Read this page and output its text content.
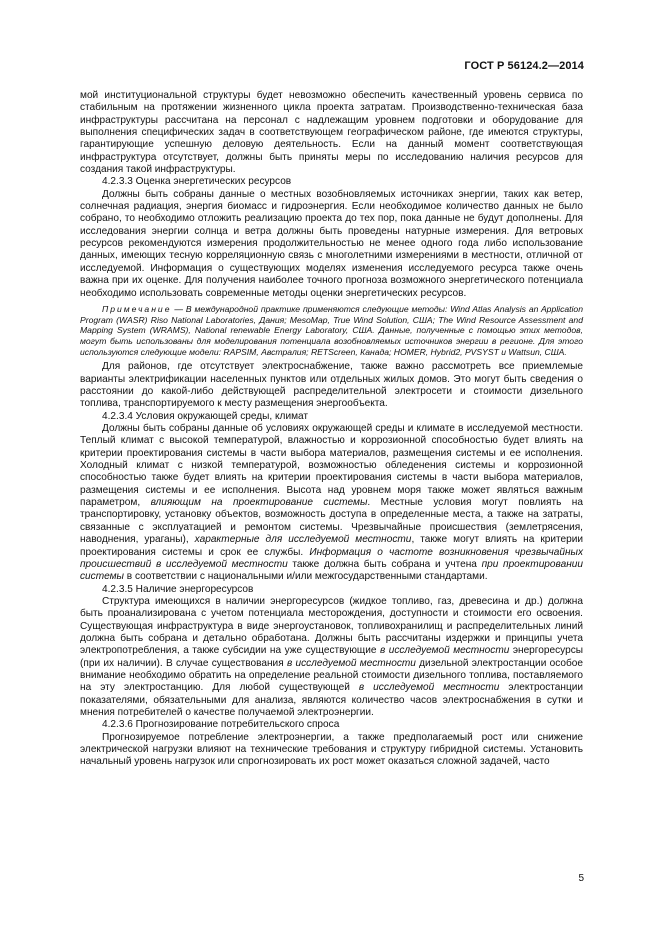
ГОСТ Р 56124.2—2014

мой институциональной структуры будет невозможно обеспечить качественный уровень сервиса по стабильным на протяжении жизненного цикла проекта затратам. Производственно-техническая база инфраструктуры рассчитана на персонал с надлежащим уровнем подготовки и оборудование для выполнения специфических задач в соответствующем географическом районе, где имеются структуры, гарантирующие успешную деловую деятельность. Если на данный момент соответствующая инфраструктура отсутствует, должны быть приняты меры по исследованию наличия ресурсов для создания такой инфраструктуры.

4.2.3.3 Оценка энергетических ресурсов

Должны быть собраны данные о местных возобновляемых источниках энергии, таких как ветер, солнечная радиация, энергия биомасс и гидроэнергия. Если необходимое количество данных не было собрано, то необходимо отложить реализацию проекта до тех пор, пока данные не будут дополнены. Для исследования энергии солнца и ветра должны быть проведены натурные измерения. Для ветровых ресурсов рекомендуются измерения продолжительностью не менее одного года либо использование данных, имеющих тесную корреляционную связь с многолетними измерениями в местности, отличной от исследуемой. Информация о существующих моделях изменения исследуемого ресурса также очень важна при их оценке. Для получения наиболее точного прогноза возможного энергетического потенциала необходимо использовать современные методы оценки энергетических ресурсов.

Примечание — В международной практике применяются следующие методы: Wind Atlas Analysis an Application Program (WASR) Riso National Laboratories, Дания; MesoMap, True Wind Solution, США; The Wind Resource Assessment and Mapping System (WRAMS), National renewable Energy Laboratory, США. Данные, полученные с помощью этих методов, могут быть использованы для моделирования потенциала возобновляемых источников энергии в регионе. Для этого используются следующие модели: RAPSIM, Австралия; RETScreen, Канада; HOMER, Hybrid2, PVSYST и Wattsun, США.

Для районов, где отсутствует электроснабжение, также важно рассмотреть все приемлемые варианты электрификации населенных пунктов или отдельных жилых домов. Это могут быть сведения о расстоянии до какой-либо действующей распределительной электросети и стоимости дизельного топлива, транспортируемого к месту размещения энергообъекта.

4.2.3.4 Условия окружающей среды, климат

Должны быть собраны данные об условиях окружающей среды и климате в исследуемой местности. Теплый климат с высокой температурой, влажностью и коррозионной способностью будет влиять на критерии проектирования системы в части выбора материалов, размещения системы и ее исполнения. Холодный климат с низкой температурой, возможностью обледенения системы и коррозионной способностью также будет влиять на критерии проектирования системы в части выбора материалов, размещения системы и ее исполнения. Высота над уровнем моря также может являться важным параметром, влияющим на проектирование системы. Местные условия могут повлиять на транспортировку, установку объектов, возможность доступа в определенные места, а также на затраты, связанные с эксплуатацией и ремонтом системы. Чрезвычайные происшествия (землетрясения, наводнения, ураганы), характерные для исследуемой местности, также могут влиять на критерии проектирования системы и срок ее службы. Информация о частоте возникновения чрезвычайных происшествий в исследуемой местности также должна быть собрана и учтена при проектировании системы в соответствии с национальными и/или межгосударственными стандартами.

4.2.3.5 Наличие энергоресурсов

Структура имеющихся в наличии энергоресурсов (жидкое топливо, газ, древесина и др.) должна быть проанализирована с учетом потенциала месторождения, доступности и стоимости его освоения. Существующая инфраструктура в виде энергоустановок, топливохранилищ и распределительных линий должна быть собрана и детально обработана. Должны быть рассчитаны издержки и принципы учета электропотребления, а также субсидии на уже существующие в исследуемой местности энергоресурсы (при их наличии). В случае существования в исследуемой местности дизельной электростанции особое внимание необходимо обратить на определение реальной стоимости дизельного топлива, поставляемого на эту электростанцию. Для любой существующей в исследуемой местности электростанции показателями, обязательными для анализа, являются количество часов электроснабжения в сутки и мнения потребителей о качестве получаемой электроэнергии.

4.2.3.6 Прогнозирование потребительского спроса

Прогнозируемое потребление электроэнергии, а также предполагаемый рост или снижение электрической нагрузки влияют на технические требования и структуру гибридной системы. Установить начальный уровень нагрузок или спрогнозировать их рост может оказаться сложной задачей, часто

5
